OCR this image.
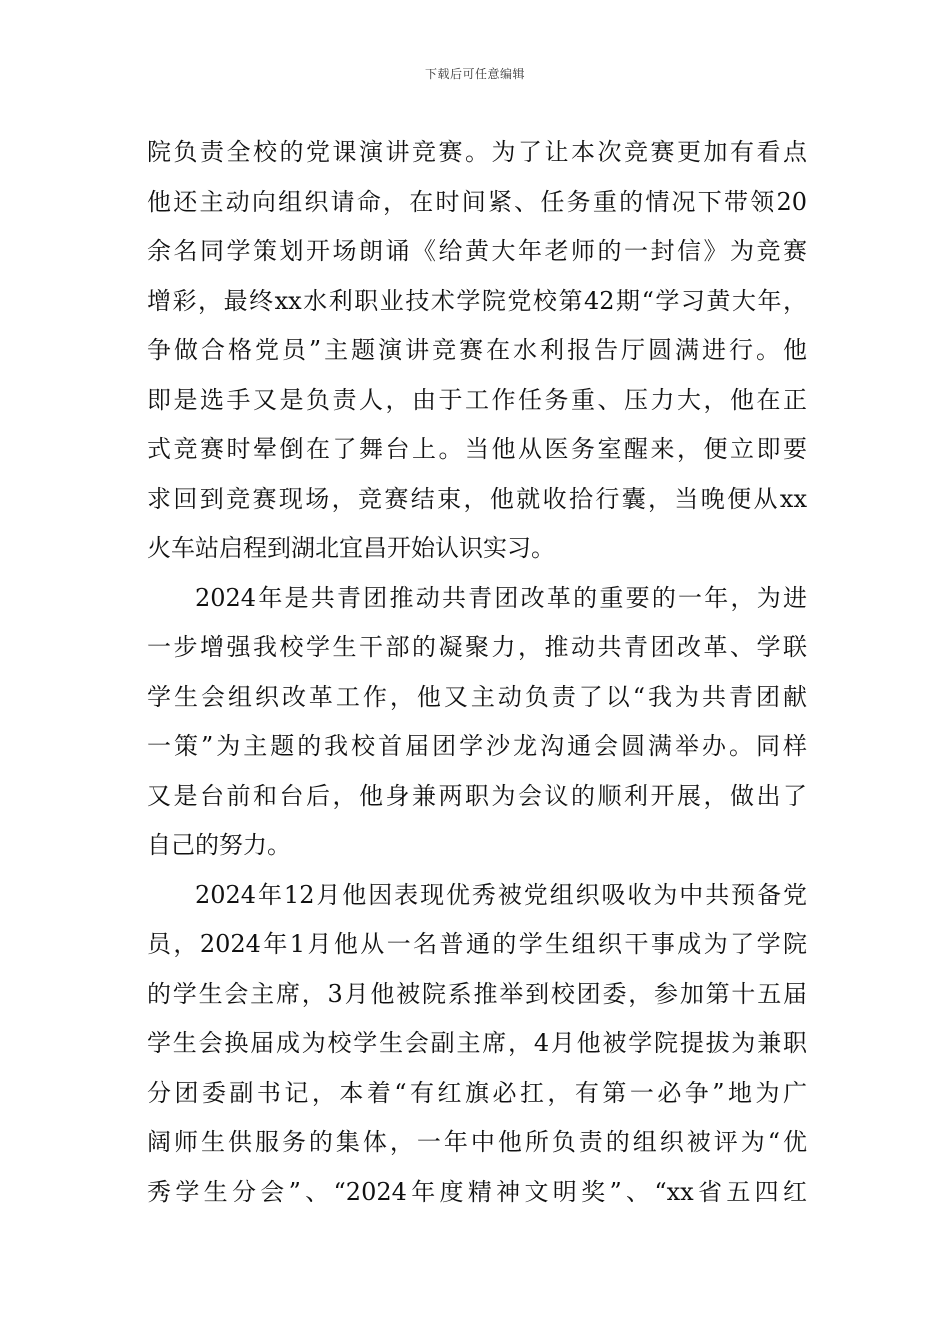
下载后可任意编辑
院负责全校的党课演讲竞赛。为了让本次竞赛更加有看点
他还主动向组织请命，在时间紧、任务重的情况下带领20
余名同学策划开场朗诵《给黄大年老师的一封信》为竞赛
增彩，最终xx水利职业技术学院党校第42期“学习黄大年，
争做合格党员”主题演讲竞赛在水利报告厅圆满进行。他
即是选手又是负责人，由于工作任务重、压力大，他在正
式竞赛时晕倒在了舞台上。当他从医务室醒来，便立即要
求回到竞赛现场，竞赛结束，他就收拾行囊，当晚便从xx
火车站启程到湖北宜昌开始认识实习。
2024年是共青团推动共青团改革的重要的一年，为进
一步增强我校学生干部的凝聚力，推动共青团改革、学联
学生会组织改革工作，他又主动负责了以“我为共青团献
一策”为主题的我校首届团学沙龙沟通会圆满举办。同样
又是台前和台后，他身兼两职为会议的顺利开展，做出了
自己的努力。
2024年12月他因表现优秀被党组织吸收为中共预备党
员，2024年1月他从一名普通的学生组织干事成为了学院
的学生会主席，3月他被院系推举到校团委，参加第十五届
学生会换届成为校学生会副主席，4月他被学院提拔为兼职
分团委副书记，本着“有红旗必扛，有第一必争”地为广
阔师生供服务的集体，一年中他所负责的组织被评为“优
秀学生分会”、“2024年度精神文明奖”、“xx省五四红
